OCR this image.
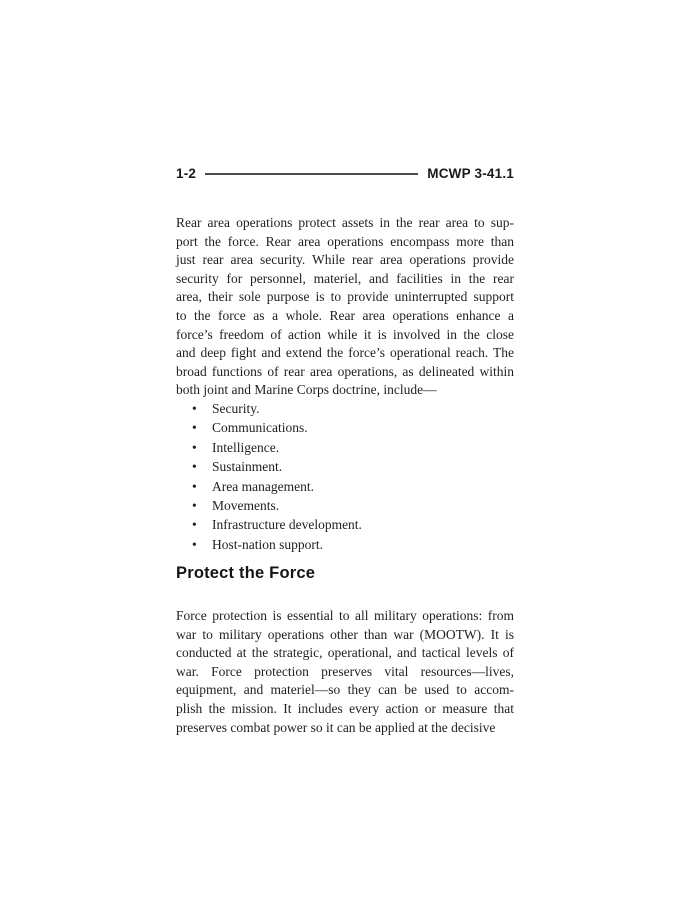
1-2	MCWP 3-41.1
Rear area operations protect assets in the rear area to sup-
port the force. Rear area operations encompass more than
just rear area security. While rear area operations provide
security for personnel, materiel, and facilities in the rear
area, their sole purpose is to provide uninterrupted support
to the force as a whole. Rear area operations enhance a
force’s freedom of action while it is involved in the close
and deep fight and extend the force’s operational reach. The
broad functions of rear area operations, as delineated within
both joint and Marine Corps doctrine, include—
•	Security.
•	Communications.
•	Intelligence.
•	Sustainment.
•	Area management.
•	Movements.
•	Infrastructure development.
•	Host-nation support.
Protect the Force
Force protection is essential to all military operations: from
war to military operations other than war (MOOTW). It is
conducted at the strategic, operational, and tactical levels of
war. Force protection preserves vital resources—lives,
equipment, and materiel—so they can be used to accom-
plish the mission. It includes every action or measure that
preserves combat power so it can be applied at the decisive
